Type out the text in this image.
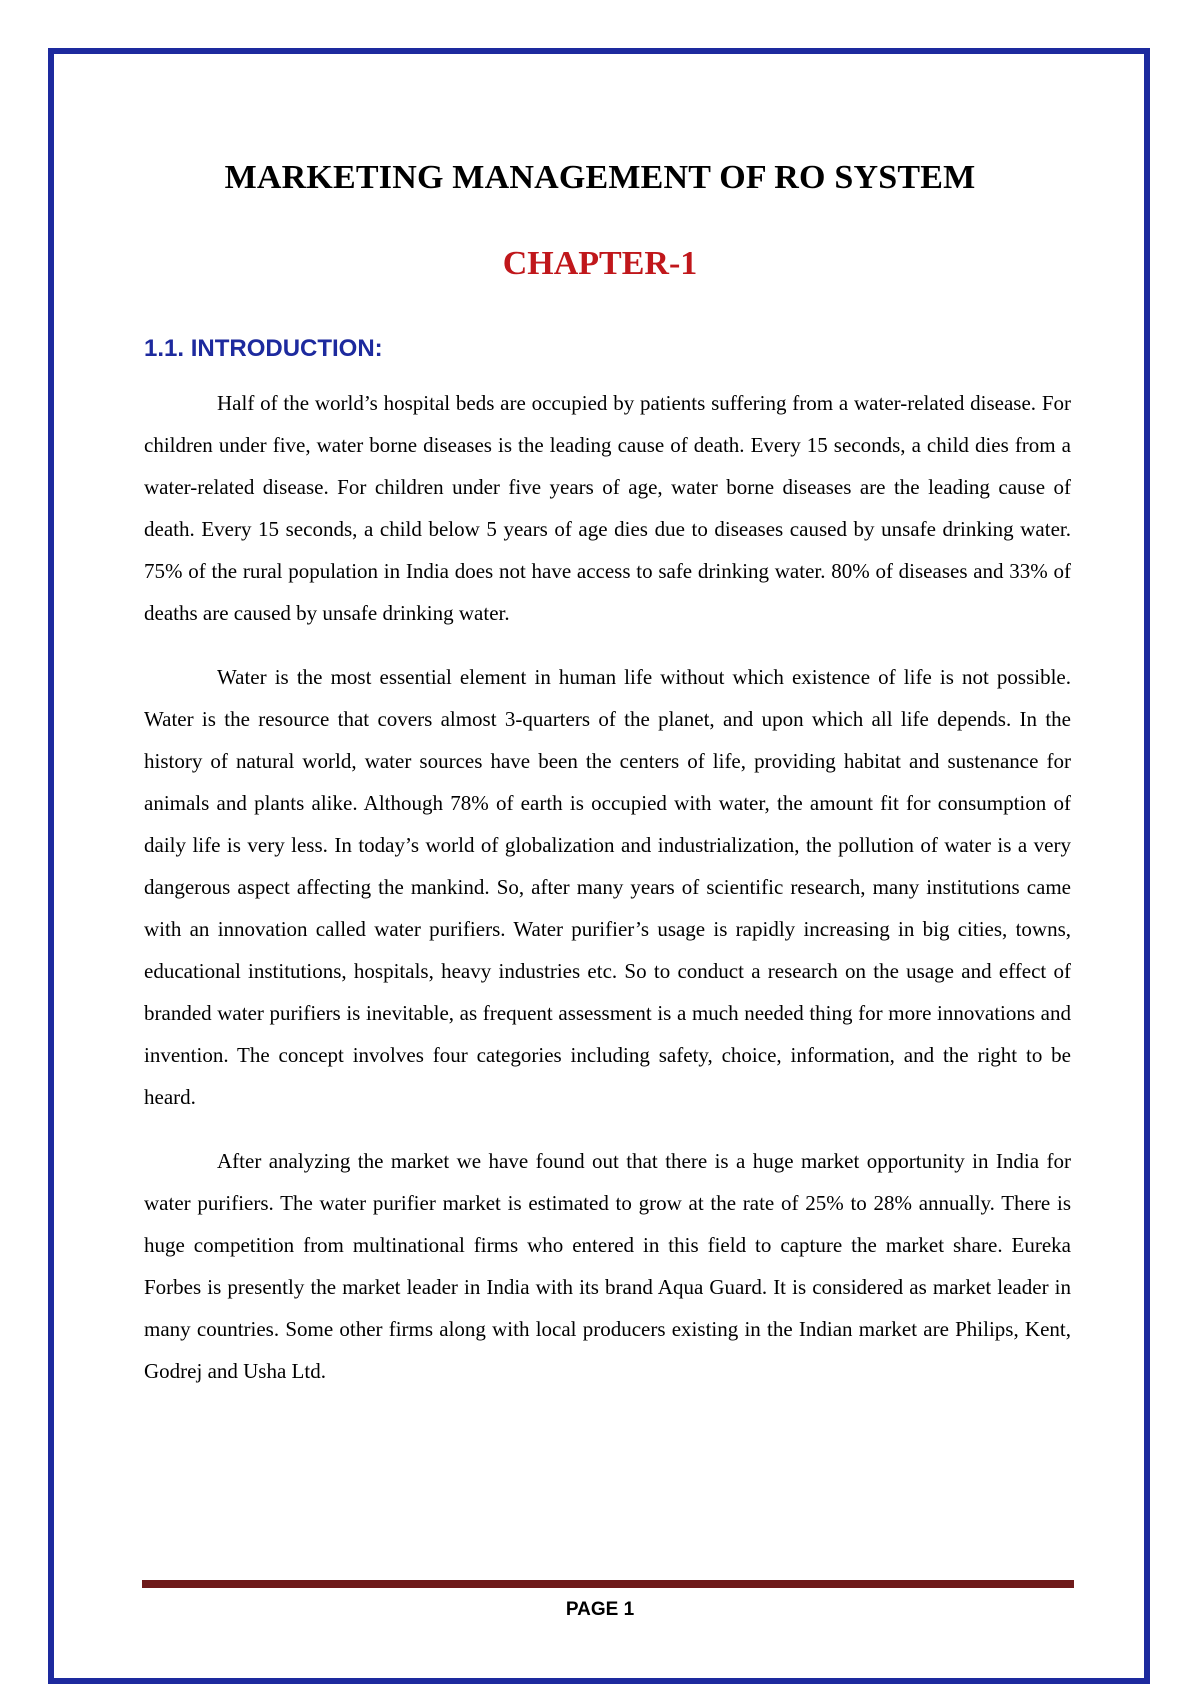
MARKETING MANAGEMENT OF RO SYSTEM
CHAPTER-1
1.1. INTRODUCTION:

Half of the world’s hospital beds are occupied by patients suffering from a water-related disease. For children under five, water borne diseases is the leading cause of death. Every 15 seconds, a child dies from a water-related disease. For children under five years of age, water borne diseases are the leading cause of death. Every 15 seconds, a child below 5 years of age dies due to diseases caused by unsafe drinking water. 75% of the rural population in India does not have access to safe drinking water. 80% of diseases and 33% of deaths are caused by unsafe drinking water.

Water is the most essential element in human life without which existence of life is not possible. Water is the resource that covers almost 3-quarters of the planet, and upon which all life depends. In the history of natural world, water sources have been the centers of life, providing habitat and sustenance for animals and plants alike. Although 78% of earth is occupied with water, the amount fit for consumption of daily life is very less. In today’s world of globalization and industrialization, the pollution of water is a very dangerous aspect affecting the mankind. So, after many years of scientific research, many institutions came with an innovation called water purifiers. Water purifier’s usage is rapidly increasing in big cities, towns, educational institutions, hospitals, heavy industries etc. So to conduct a research on the usage and effect of branded water purifiers is inevitable, as frequent assessment is a much needed thing for more innovations and invention. The concept involves four categories including safety, choice, information, and the right to be heard.

After analyzing the market we have found out that there is a huge market opportunity in India for water purifiers. The water purifier market is estimated to grow at the rate of 25% to 28% annually. There is huge competition from multinational firms who entered in this field to capture the market share. Eureka Forbes is presently the market leader in India with its brand Aqua Guard. It is considered as market leader in many countries. Some other firms along with local producers existing in the Indian market are Philips, Kent, Godrej and Usha Ltd.

PAGE 1
